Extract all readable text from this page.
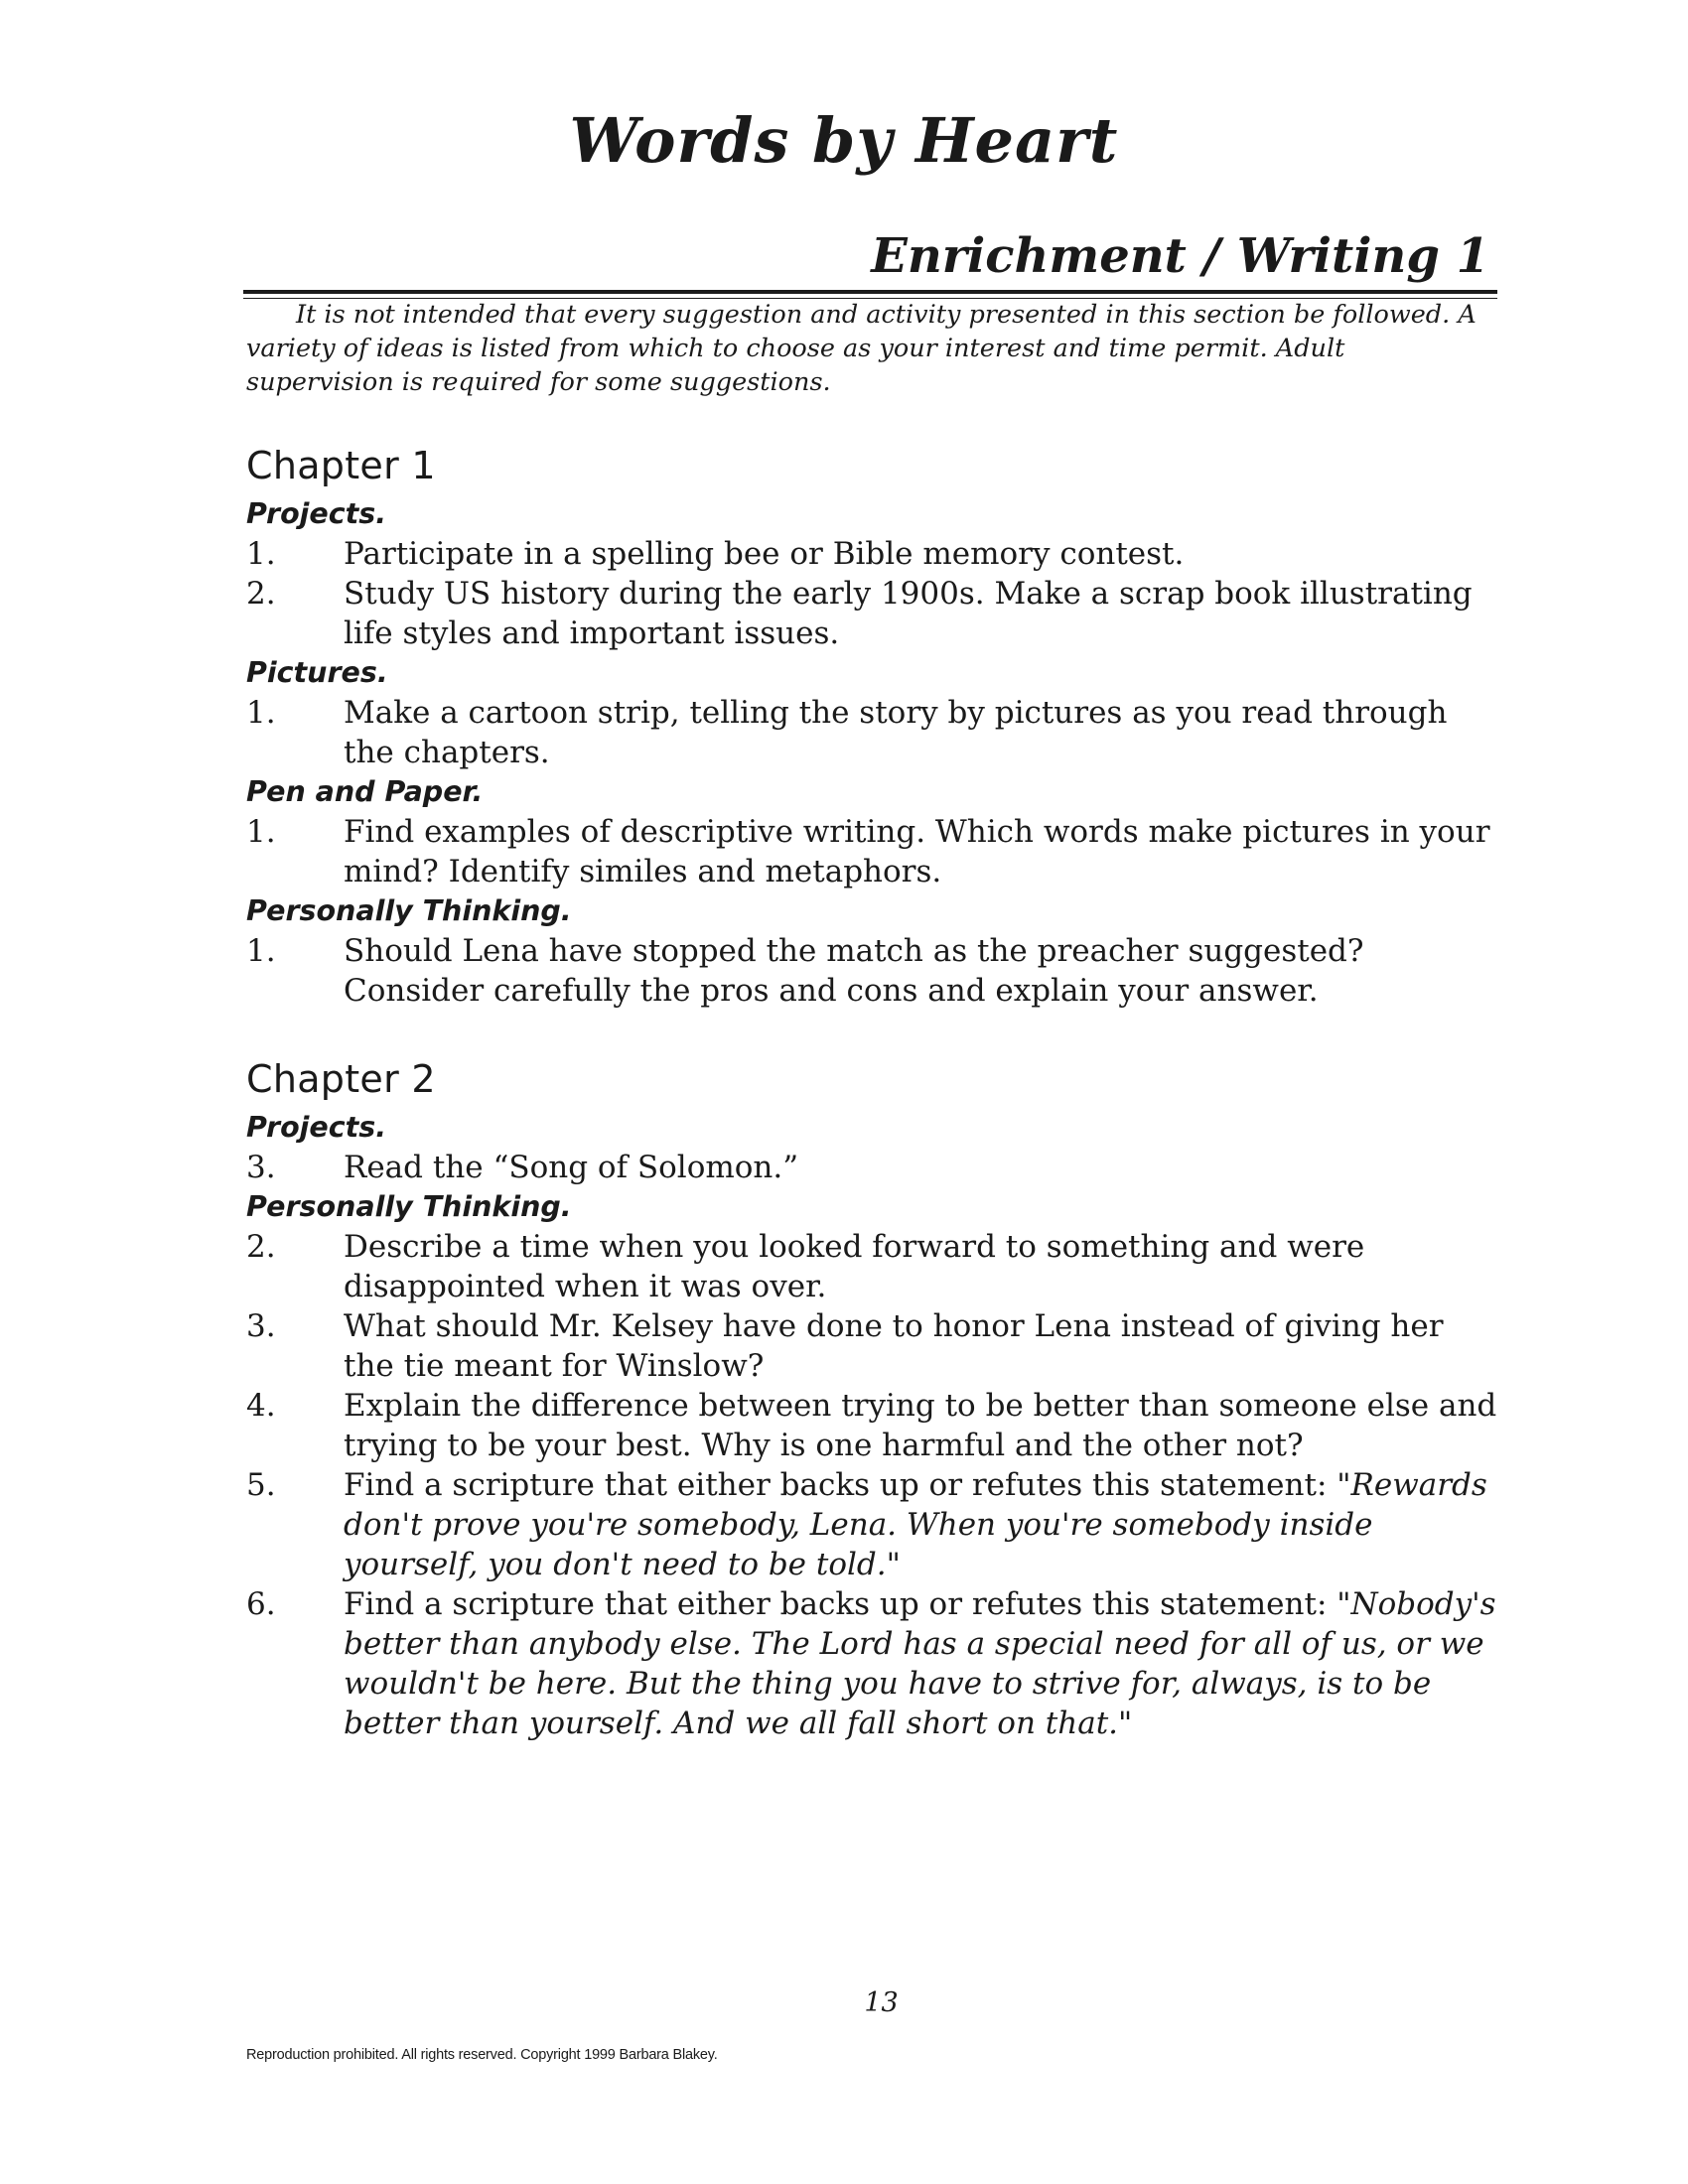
Words by Heart
Enrichment / Writing 1

It is not intended that every suggestion and activity presented in this section be followed. A variety of ideas is listed from which to choose as your interest and time permit. Adult supervision is required for some suggestions.

Chapter 1
Projects.
1.	Participate in a spelling bee or Bible memory contest.
2.	Study US history during the early 1900s. Make a scrap book illustrating life styles and important issues.
Pictures.
1.	Make a cartoon strip, telling the story by pictures as you read through the chapters.
Pen and Paper.
1.	Find examples of descriptive writing. Which words make pictures in your mind? Identify similes and metaphors.
Personally Thinking.
1.	Should Lena have stopped the match as the preacher suggested? Consider carefully the pros and cons and explain your answer.
Chapter 2
Projects.
3.	Read the “Song of Solomon.”
Personally Thinking.
2.	Describe a time when you looked forward to something and were disappointed when it was over.
3.	What should Mr. Kelsey have done to honor Lena instead of giving her the tie meant for Winslow?
4.	Explain the difference between trying to be better than someone else and trying to be your best. Why is one harmful and the other not?
5.	Find a scripture that either backs up or refutes this statement: "Rewards don't prove you're somebody, Lena. When you're somebody inside yourself, you don't need to be told."
6.	Find a scripture that either backs up or refutes this statement: "Nobody's better than anybody else. The Lord has a special need for all of us, or we wouldn't be here. But the thing you have to strive for, always, is to be better than yourself. And we all fall short on that."
13
Reproduction prohibited. All rights reserved. Copyright 1999 Barbara Blakey.
